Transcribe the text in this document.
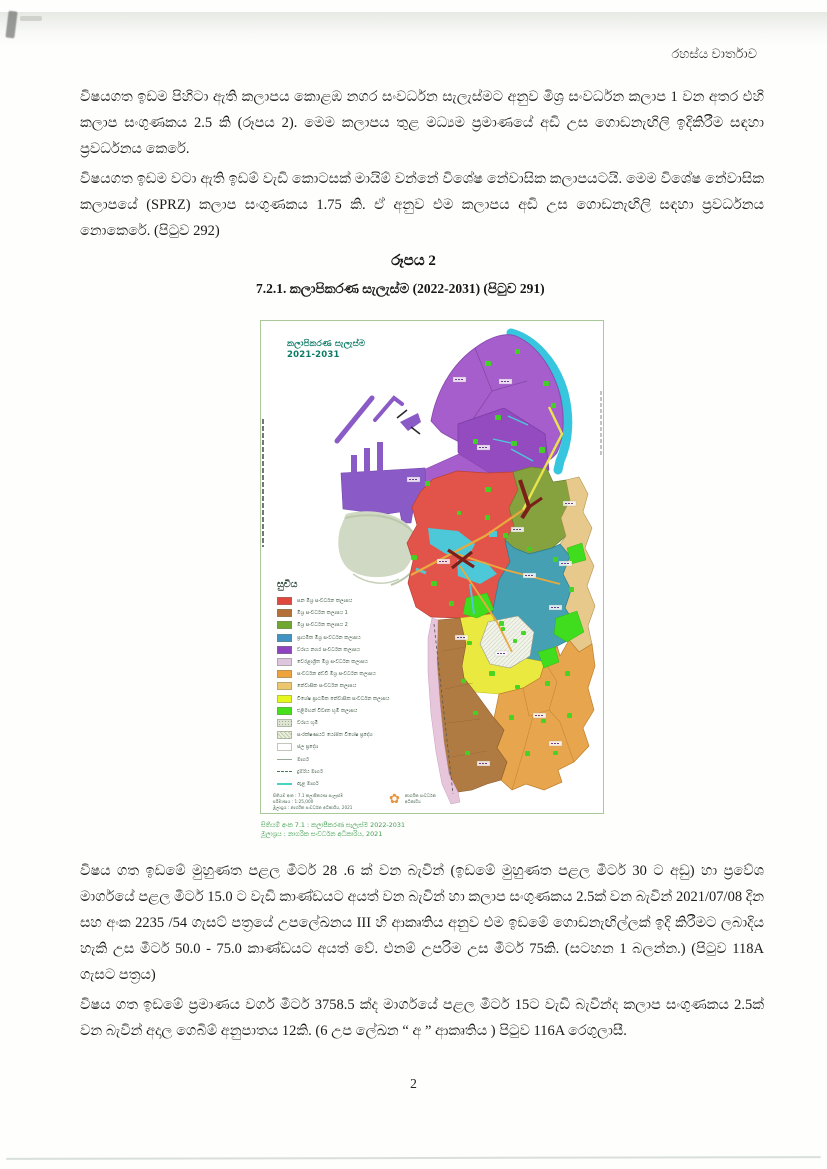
රහස්ය වාර්තාව
විෂයගත ඉඩම පිහිටා ඇති කලාපය කොළඹ නගර සංවර්ධන සැලැස්මට අනුව මිශ්‍ර සංවර්ධන කලාප 1 වන අතර එහි කලාප සංගුණකය 2.5 කි (රූපය 2). මෙම කලාපය තුළ මධ්‍යම ප්‍රමාණයේ අඩි උස ගොඩනැඟිලි ඉදිකිරීම සඳහා ප්‍රවර්ධනය කෙරේ.
විෂයගත ඉඩම වටා ඇති ඉඩම් වැඩි කොටසක් මායිම් වන්නේ විශේෂ නේවාසික කලාපයටයි. මෙම විශේෂ නේවාසික කලාපයේ (SPRZ) කලාප සංගුණකය 1.75 කි. ඒ අනුව එම කලාපය අඩි උස ගොඩනැඟිලි සඳහා ප්‍රවර්ධනය නොකෙරේ. (පිටුව 292)
රූපය 2
7.2.1. කලාපිකරණ සැලැස්ම (2022-2031) (පිටුව 291)
කලාපිකරණ සැලැස්ම
2021-2031
සුචිය
ඝන මිශ්‍ර සංවර්ධන කලාපය
මිශ්‍ර සංවර්ධන කලාපය 1
මිශ්‍ර සංවර්ධන කලාපය 2
ප්‍රාථමික මිශ්‍ර සංවර්ධන කලාපය
වරාය නගර සංවර්ධන කලාපය
වෙරළාශ්‍රිත මිශ්‍ර සංවර්ධන කලාපය
සංවර්ධන අඩවි මිශ්‍ර සංවර්ධන කලාපය
නේවාසික සංවර්ධන කලාපය
විශේෂ ප්‍රාථමික නේවාසික සංවර්ධන කලාපය
එළිමහන් විවෘත භූමි කලාපය
වරාය භූමි
සංරක්ෂණයට යෝජිත විශේෂ ප්‍රදේශ
ජල ප්‍රදේශ
මාර්ග
දුම්රිය මාර්ග
ඇළ මාර්ග
සිතියම් අංක : 7.1 කලාපීකරණ සැලැස්ම
පරිමාණය : 1:25,000
මූලාශ්‍රය : නාගරික සංවර්ධන අධිකාරිය, 2021
✿ නාගරික සංවර්ධන අධිකාරිය
සිතියම් අංක 7.1 : කලාපීකරණ සැලැස්ම 2022-2031
මූලාශ්‍රය : නාගරික සංවර්ධන අධිකාරිය, 2021
විෂය ගත ඉඩමේ මුහුණත පළල මීටර් 28 .6 ක් වන බැවින් (ඉඩමේ මුහුණත පළල මීටර් 30 ට අඩු) හා ප්‍රවේශ මාර්ගයේ පළල මීටර් 15.0 ට වැඩි කාණ්ඩයට අයත් වන බැවින් හා කලාප සංගුණකය 2.5ක් වන බැවින් 2021/07/08 දින සහ අංක 2235 /54 ගැසට් පත්‍රයේ උපලේඛනය III හි ආකෘතිය අනුව එම ඉඩමේ ගොඩනැඟිල්ලක් ඉදි කිරීමට ලබාදිය හැකි උස මීටර් 50.0 - 75.0 කාණ්ඩයට අයත් වේ. එනම් උපරිම උස මීටර් 75කි. (සටහන 1 බලන්න.) (පිටුව 118A ගැසට පත්‍රය)
විෂය ගත ඉඩමේ ප්‍රමාණය වර්ග මීටර් 3758.5 ක්ද මාර්ගයේ පළල මීටර් 15ට වැඩි බැවින්ද කලාප සංගුණකය 2.5ක් වන බැවින් අදාල ගෙබිම් අනුපාතය 12කි. (6 උප ලේඛන “ අ ” ආකෘතිය ) පිටුව 116A රෙගුලාසී.
2
